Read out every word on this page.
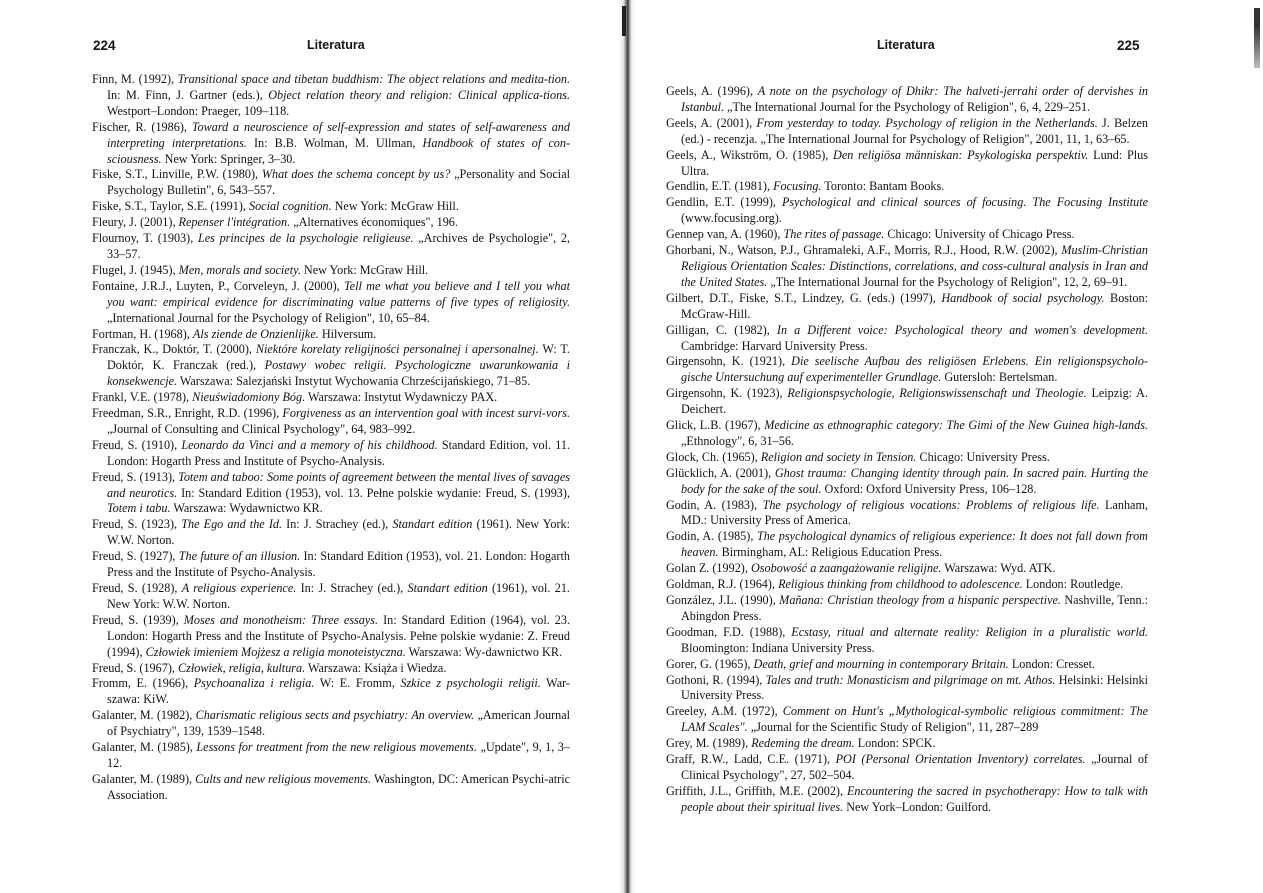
224	Literatura

Finn, M. (1992), Transitional space and tibetan buddhism: The object relations and medita-tion. In: M. Finn, J. Gartner (eds.), Object relation theory and religion: Clinical applica-tions. Westport–London: Praeger, 109–118.

Fischer, R. (1986), Toward a neuroscience of self-expression and states of self-awareness and interpreting interpretations. In: B.B. Wolman, M. Ullman, Handbook of states of con-sciousness. New York: Springer, 3–30.

Fiske, S.T., Linville, P.W. (1980), What does the schema concept by us? „Personality and Social Psychology Bulletin", 6, 543–557.

Fiske, S.T., Taylor, S.E. (1991), Social cognition. New York: McGraw Hill.

Fleury, J. (2001), Repenser l'intégration. „Alternatives économiques", 196.

Flournoy, T. (1903), Les principes de la psychologie religieuse. „Archives de Psychologie", 2, 33–57.

Flugel, J. (1945), Men, morals and society. New York: McGraw Hill.

Fontaine, J.R.J., Luyten, P., Corveleyn, J. (2000), Tell me what you believe and I tell you what you want: empirical evidence for discriminating value patterns of five types of religiosity. „International Journal for the Psychology of Religion", 10, 65–84.

Fortman, H. (1968), Als ziende de Onzienlijke. Hilversum.

Franczak, K., Doktór, T. (2000), Niektóre korelaty religijności personalnej i apersonalnej. W: T. Doktór, K. Franczak (red.), Postawy wobec religii. Psychologiczne uwarunkowania i konsekwencje. Warszawa: Salezjański Instytut Wychowania Chrześcijańskiego, 71–85.

Frankl, V.E. (1978), Nieuświadomiony Bóg. Warszawa: Instytut Wydawniczy PAX.

Freedman, S.R., Enright, R.D. (1996), Forgiveness as an intervention goal with incest survi-vors. „Journal of Consulting and Clinical Psychology", 64, 983–992.

Freud, S. (1910), Leonardo da Vinci and a memory of his childhood. Standard Edition, vol. 11. London: Hogarth Press and Institute of Psycho-Analysis.

Freud, S. (1913), Totem and taboo: Some points of agreement between the mental lives of savages and neurotics. In: Standard Edition (1953), vol. 13. Pełne polskie wydanie: Freud, S. (1993), Totem i tabu. Warszawa: Wydawnictwo KR.

Freud, S. (1923), The Ego and the Id. In: J. Strachey (ed.), Standart edition (1961). New York: W.W. Norton.

Freud, S. (1927), The future of an illusion. In: Standard Edition (1953), vol. 21. London: Hogarth Press and the Institute of Psycho-Analysis.

Freud, S. (1928), A religious experience. In: J. Strachey (ed.), Standart edition (1961), vol. 21. New York: W.W. Norton.

Freud, S. (1939), Moses and monotheism: Three essays. In: Standard Edition (1964), vol. 23. London: Hogarth Press and the Institute of Psycho-Analysis. Pełne polskie wydanie: Z. Freud (1994), Człowiek imieniem Mojżesz a religia monoteistyczna. Warszawa: Wy-dawnictwo KR.

Freud, S. (1967), Człowiek, religia, kultura. Warszawa: Książa i Wiedza.

Fromm, E. (1966), Psychoanaliza i religia. W: E. Fromm, Szkice z psychologii religii. War-szawa: KiW.

Galanter, M. (1982), Charismatic religious sects and psychiatry: An overview. „American Journal of Psychiatry", 139, 1539–1548.

Galanter, M. (1985), Lessons for treatment from the new religious movements. „Update", 9, 1, 3–12.

Galanter, M. (1989), Cults and new religious movements. Washington, DC: American Psychi-atric Association.

Literatura	225

Geels, A. (1996), A note on the psychology of Dhikr: The halveti-jerrahi order of dervishes in Istanbul. „The International Journal for the Psychology of Religion", 6, 4, 229–251.

Geels, A. (2001), From yesterday to today. Psychology of religion in the Netherlands. J. Belzen (ed.) - recenzja. „The International Journal for Psychology of Religion", 2001, 11, 1, 63–65.

Geels, A., Wikström, O. (1985), Den religiösa människan: Psykologiska perspektiv. Lund: Plus Ultra.

Gendlin, E.T. (1981), Focusing. Toronto: Bantam Books.

Gendlin, E.T. (1999), Psychological and clinical sources of focusing. The Focusing Institute (www.focusing.org).

Gennep van, A. (1960), The rites of passage. Chicago: University of Chicago Press.

Ghorbani, N., Watson, P.J., Ghramaleki, A.F., Morris, R.J., Hood, R.W. (2002), Muslim-Christian Religious Orientation Scales: Distinctions, correlations, and coss-cultural analysis in Iran and the United States. „The International Journal for the Psychology of Religion", 12, 2, 69–91.

Gilbert, D.T., Fiske, S.T., Lindzey, G. (eds.) (1997), Handbook of social psychology. Boston: McGraw-Hill.

Gilligan, C. (1982), In a Different voice: Psychological theory and women's development. Cambridge: Harvard University Press.

Girgensohn, K. (1921), Die seelische Aufbau des religiösen Erlebens. Ein religionspsycholo-gische Untersuchung auf experimenteller Grundlage. Gutersloh: Bertelsman.

Girgensohn, K. (1923), Religionspsychologie, Religionswissenschaft und Theologie. Leipzig: A. Deichert.

Glick, L.B. (1967), Medicine as ethnographic category: The Gimi of the New Guinea high-lands. „Ethnology", 6, 31–56.

Glock, Ch. (1965), Religion and society in Tension. Chicago: University Press.

Glücklich, A. (2001), Ghost trauma: Changing identity through pain. In sacred pain. Hurting the body for the sake of the soul. Oxford: Oxford University Press, 106–128.

Godin, A. (1983), The psychology of religious vocations: Problems of religious life. Lanham, MD.: University Press of America.

Godin, A. (1985), The psychological dynamics of religious experience: It does not fall down from heaven. Birmingham, AL: Religious Education Press.

Golan Z. (1992), Osobowość a zaangażowanie religijne. Warszawa: Wyd. ATK.

Goldman, R.J. (1964), Religious thinking from childhood to adolescence. London: Routledge.

González, J.L. (1990), Mañana: Christian theology from a hispanic perspective. Nashville, Tenn.: Abingdon Press.

Goodman, F.D. (1988), Ecstasy, ritual and alternate reality: Religion in a pluralistic world. Bloomington: Indiana University Press.

Gorer, G. (1965), Death, grief and mourning in contemporary Britain. London: Cresset.

Gothoni, R. (1994), Tales and truth: Monasticism and pilgrimage on mt. Athos. Helsinki: Helsinki University Press.

Greeley, A.M. (1972), Comment on Hunt's „Mythological-symbolic religious commitment: The LAM Scales". „Journal for the Scientific Study of Religion", 11, 287–289

Grey, M. (1989), Redeming the dream. London: SPCK.

Graff, R.W., Ladd, C.E. (1971), POI (Personal Orientation Inventory) correlates. „Journal of Clinical Psychology", 27, 502–504.

Griffith, J.L., Griffith, M.E. (2002), Encountering the sacred in psychotherapy: How to talk with people about their spiritual lives. New York–London: Guilford.
